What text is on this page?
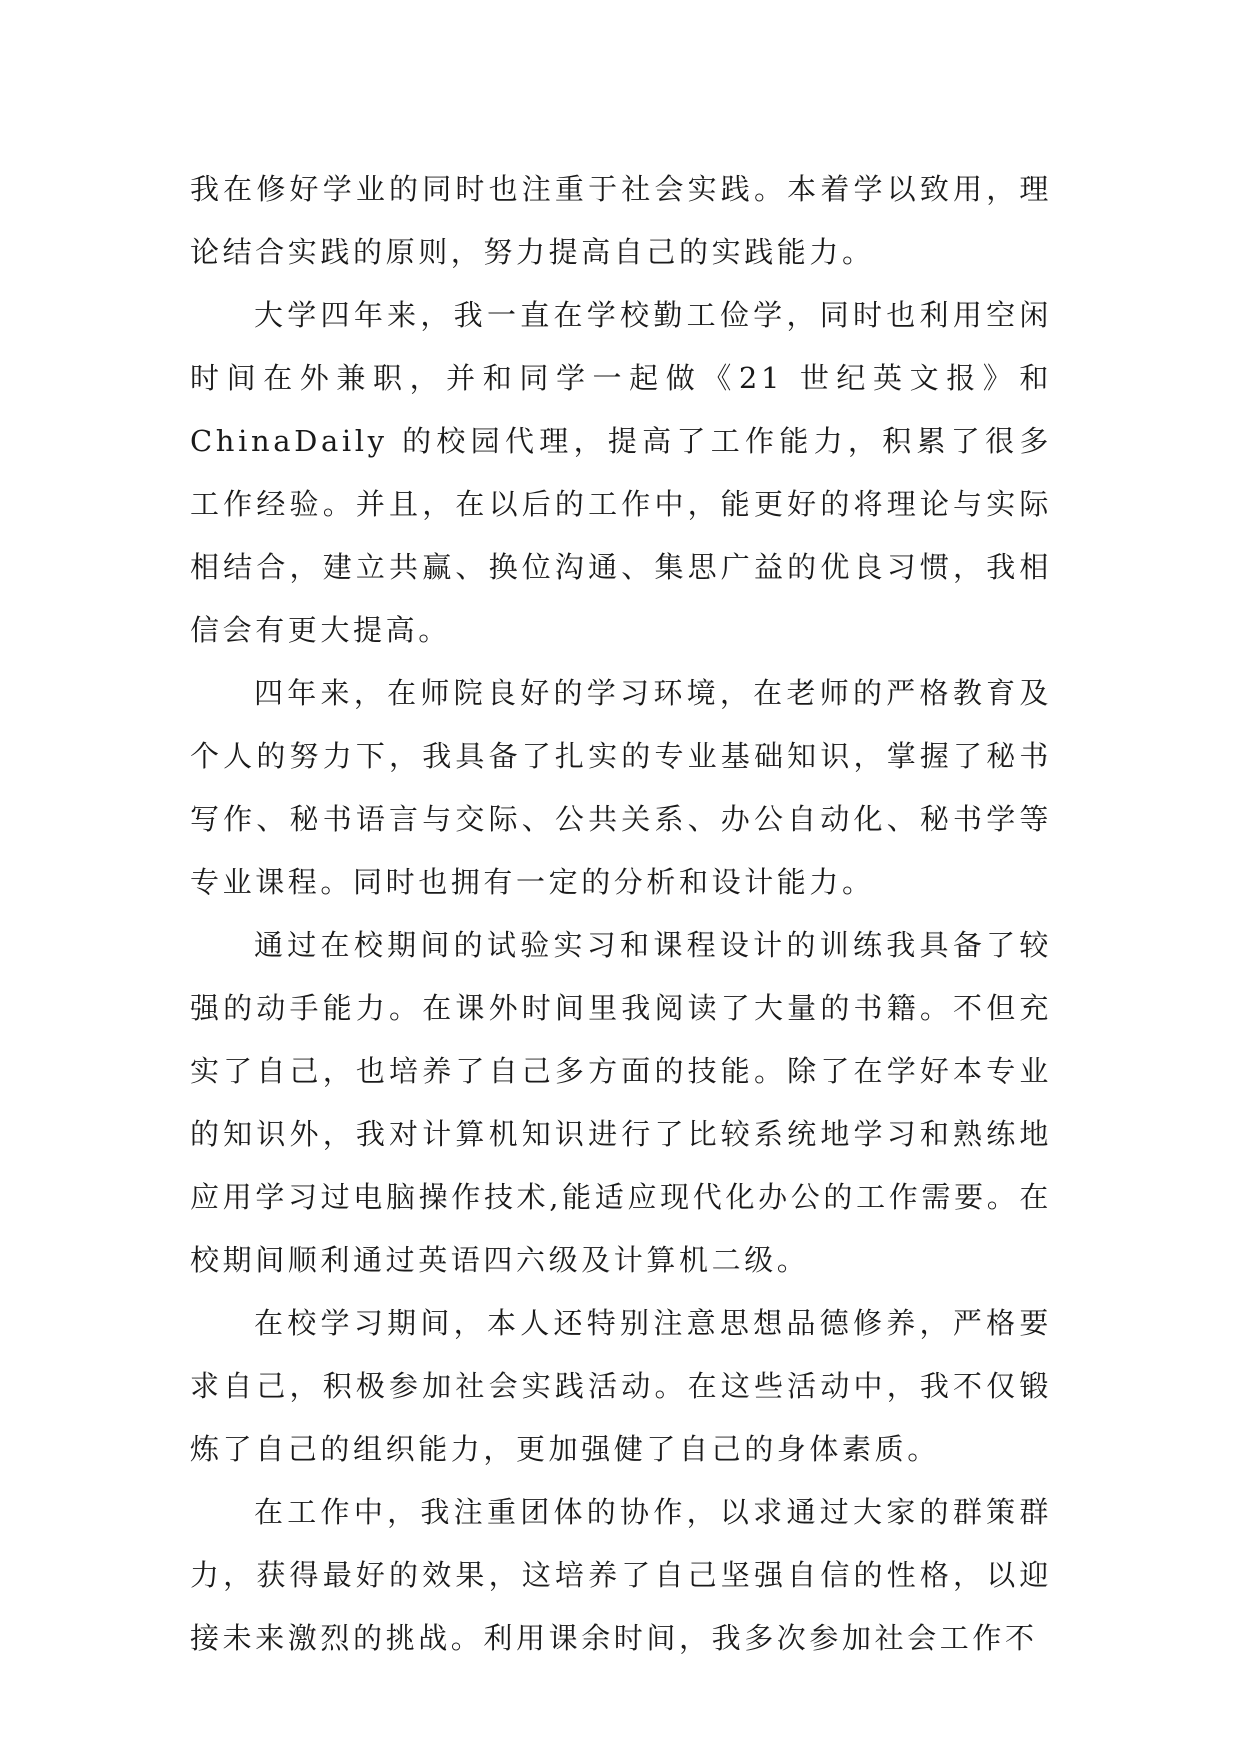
我在修好学业的同时也注重于社会实践。本着学以致用，理论结合实践的原则，努力提高自己的实践能力。

大学四年来，我一直在学校勤工俭学，同时也利用空闲时间在外兼职，并和同学一起做《21 世纪英文报》和ChinaDaily 的校园代理，提高了工作能力，积累了很多工作经验。并且，在以后的工作中，能更好的将理论与实际相结合，建立共赢、换位沟通、集思广益的优良习惯，我相信会有更大提高。

四年来，在师院良好的学习环境，在老师的严格教育及个人的努力下，我具备了扎实的专业基础知识，掌握了秘书写作、秘书语言与交际、公共关系、办公自动化、秘书学等专业课程。同时也拥有一定的分析和设计能力。

通过在校期间的试验实习和课程设计的训练我具备了较强的动手能力。在课外时间里我阅读了大量的书籍。不但充实了自己，也培养了自己多方面的技能。除了在学好本专业的知识外，我对计算机知识进行了比较系统地学习和熟练地应用学习过电脑操作技术,能适应现代化办公的工作需要。在校期间顺利通过英语四六级及计算机二级。

在校学习期间，本人还特别注意思想品德修养，严格要求自己，积极参加社会实践活动。在这些活动中，我不仅锻炼了自己的组织能力，更加强健了自己的身体素质。

在工作中，我注重团体的协作，以求通过大家的群策群力，获得最好的效果，这培养了自己坚强自信的性格，以迎接未来激烈的挑战。利用课余时间，我多次参加社会工作不
